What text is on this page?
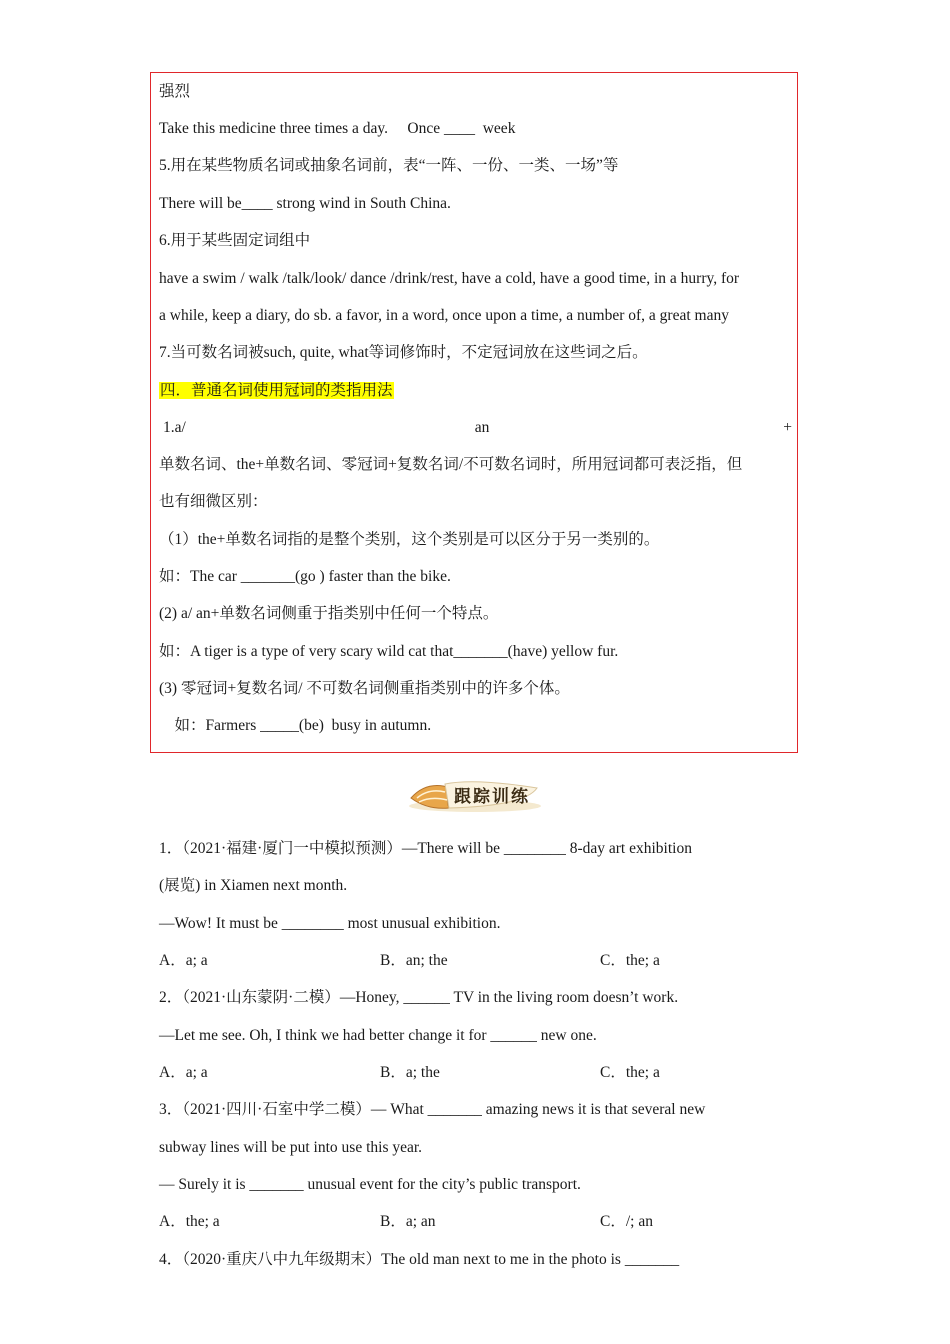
强烈
Take this medicine three times a day.     Once ____  week
5.用在某些物质名词或抽象名词前，表“一阵、一份、一类、一场”等
There will be____ strong wind in South China.
6.用于某些固定词组中
have a swim / walk /talk/look/ dance /drink/rest, have a cold, have a good time, in a hurry, for
a while, keep a diary, do sb. a favor, in a word, once upon a time, a number of, a great many
7.当可数名词被such, quite, what等词修饰时，不定冠词放在这些词之后。
四．普通名词使用冠词的类指用法
1.a/	an	+
单数名词、the+单数名词、零冠词+复数名词/不可数名词时，所用冠词都可表泛指，但
也有细微区别：
（1）the+单数名词指的是整个类别，这个类别是可以区分于另一类别的。
如：The car _______(go ) faster than the bike.
(2) a/ an+单数名词侧重于指类别中任何一个特点。
如：A tiger is a type of very scary wild cat that_______(have) yellow fur.
(3) 零冠词+复数名词/ 不可数名词侧重指类别中的许多个体。
如：Farmers _____(be)  busy in autumn.
跟踪训练
1．（2021·福建·厦门一中模拟预测）—There will be ________ 8-day art exhibition
(展览) in Xiamen next month.
—Wow! It must be ________ most unusual exhibition.
A．a; a	B．an; the	C．the; a
2．（2021·山东蒙阴·二模）—Honey, ______ TV in the living room doesn’t work.
—Let me see. Oh, I think we had better change it for ______ new one.
A．a; a	B．a; the	C．the; a
3．（2021·四川·石室中学二模）— What _______ amazing news it is that several new
subway lines will be put into use this year.
— Surely it is _______ unusual event for the city’s public transport.
A．the; a	B．a; an	C．/; an
4．（2020·重庆八中九年级期末）The old man next to me in the photo is _______
